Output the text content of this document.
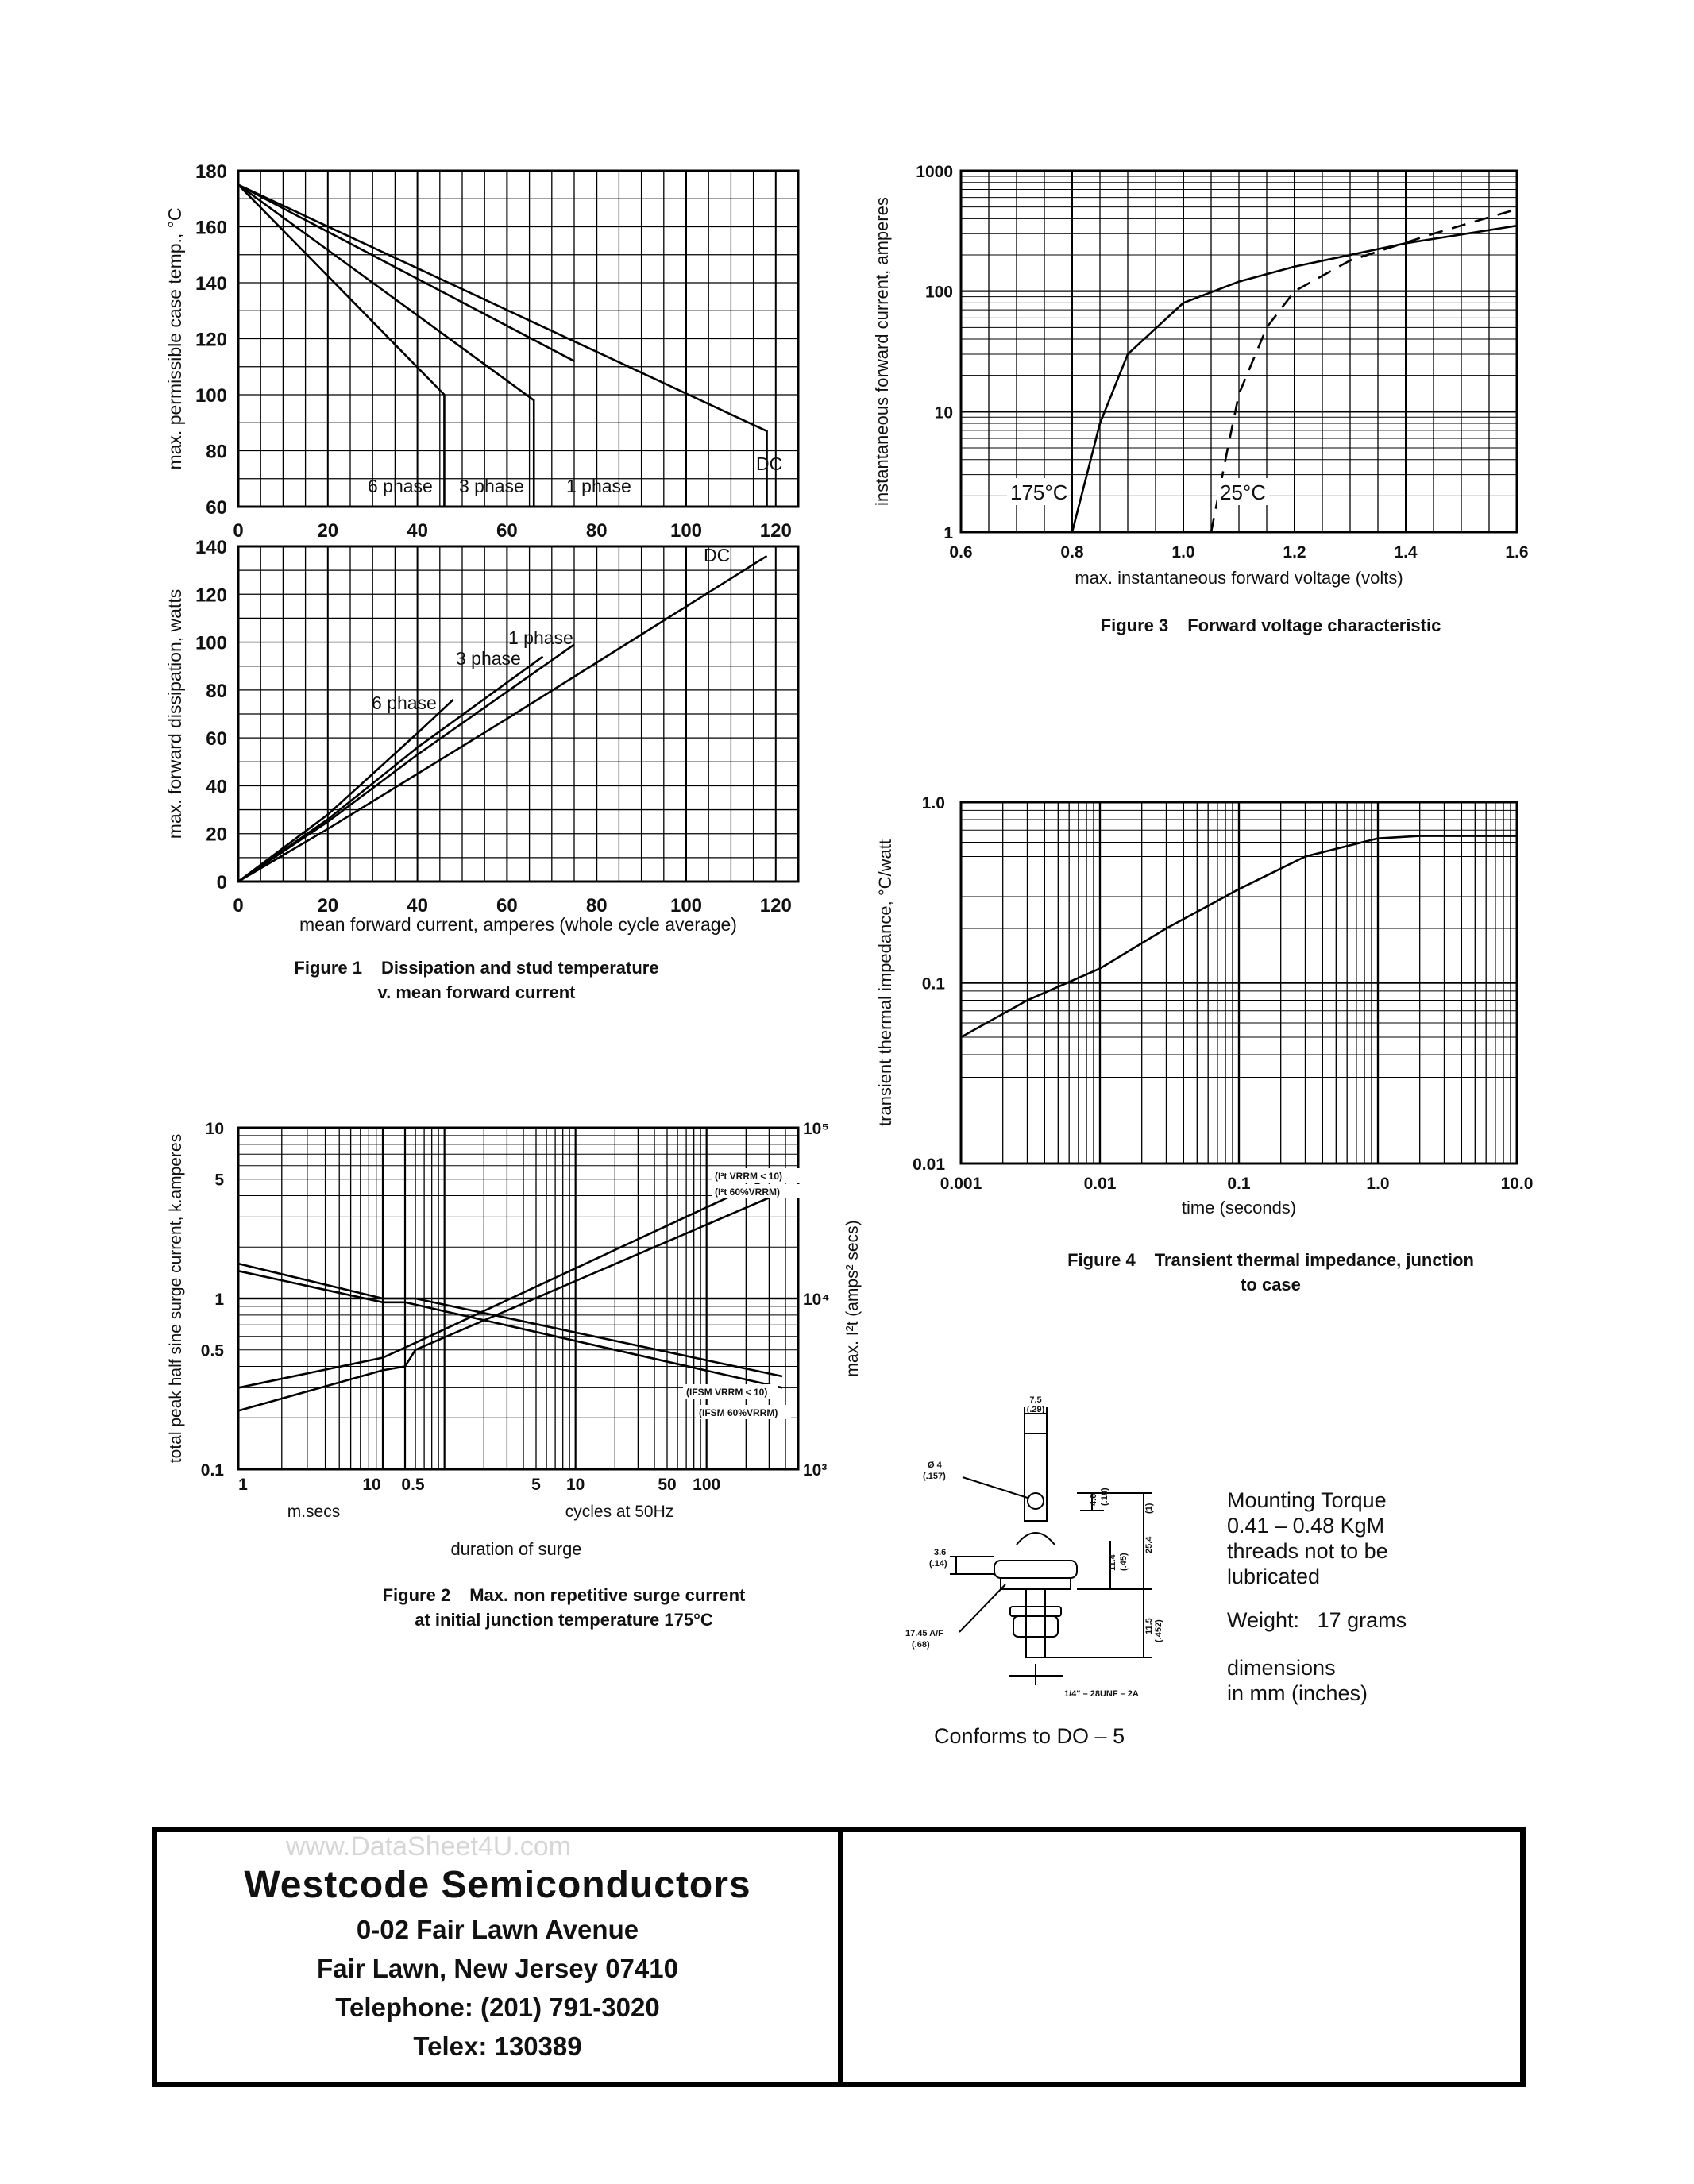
60
80
100
120
140
160
180
0	20	40	60	80	100	120
max. permissible case temp., °C
6 phase 3 phase 1 phase
DC
0
20
40
60
80
100
120
140
0	20	40	60	80	100	120
max. forward dissipation, watts
mean forward current, amperes (whole cycle average)
6 phase
3 phase
1 phase
DC
Figure 1 Dissipation and stud temperature
v. mean forward current
1
10
100
1000
0.6	0.8	1.0	1.2	1.4	1.6
max. instantaneous forward voltage (volts)
instantaneous forward current, amperes	175°C	25°C
Figure 3 Forward voltage characteristic
0.01
0.1
1.0
0.001	0.01	0.1	1.0	10.0
time (seconds)
transient thermal impedance, °C/watt
Figure 4 Transient thermal impedance, junction
to case
0.1
0.5
1
5
10
10³
10⁴
10⁵
1	10 0.5	5 10	50 100
m.secs	cycles at 50Hz
duration of surge
total peak half sine surge current, k.amperes	max. I²t (amps² secs)
(I²t VRRM < 10)
(I²t 60%VRRM)
(IFSM VRRM < 10)
(IFSM 60%VRRM)
Figure 2 Max. non repetitive surge current
at initial junction temperature 175°C
7.5
(.29)
Ø 4
(.157)
4.6 (.18)
3.6
(.14)	11.4 (.45)
25.4
(1)
11.5 (.452)
17.45 A/F
(.68)
1/4" – 28UNF – 2A
Mounting Torque
0.41 – 0.48 KgM
threads not to be
lubricated
Weight: 17 grams
dimensions
in mm (inches)
Conforms to DO – 5
www.DataSheet4U.com
Westcode Semiconductors
0-02 Fair Lawn Avenue
Fair Lawn, New Jersey 07410
Telephone: (201) 791-3020
Telex: 130389
